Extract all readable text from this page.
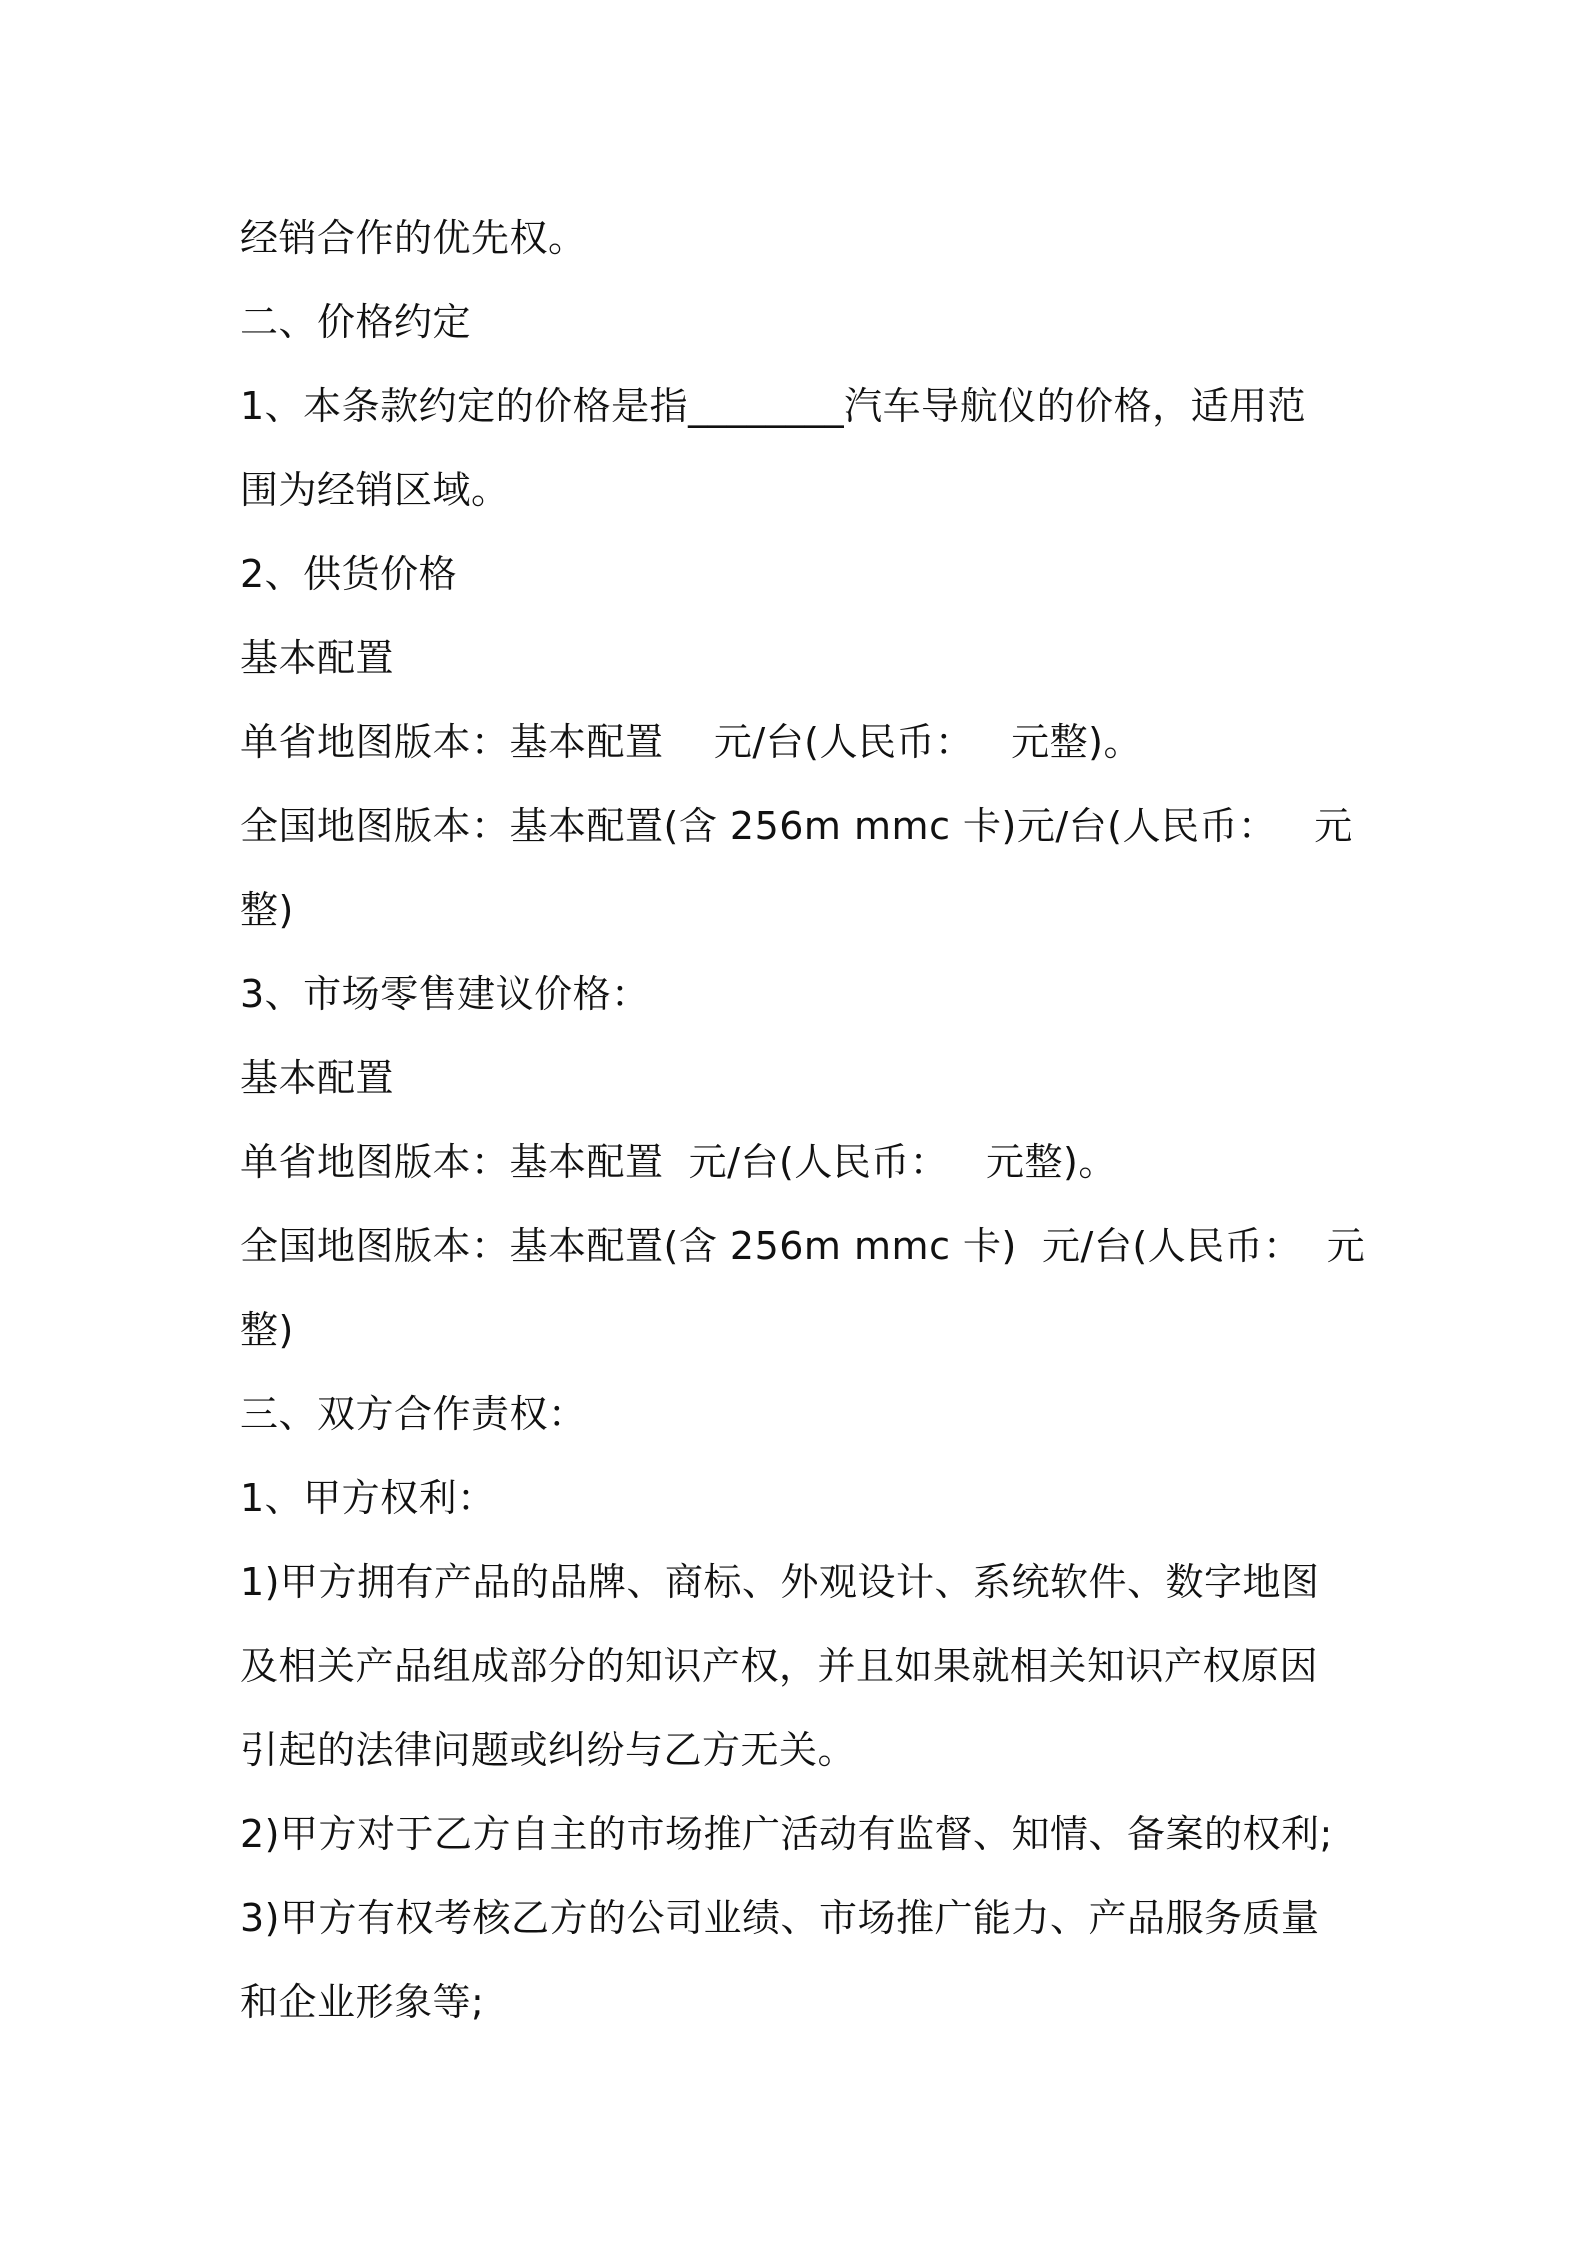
经销合作的优先权。

二、价格约定

1、本条款约定的价格是指________汽车导航仪的价格，适用范

围为经销区域。

2、供货价格

基本配置

单省地图版本：基本配置    元/台(人民币：   元整)。

全国地图版本：基本配置(含 256m mmc 卡)元/台(人民币：   元

整)

3、市场零售建议价格：

基本配置

单省地图版本：基本配置  元/台(人民币：   元整)。

全国地图版本：基本配置(含 256m mmc 卡)  元/台(人民币：  元

整)

三、双方合作责权：

1、甲方权利：

1)甲方拥有产品的品牌、商标、外观设计、系统软件、数字地图

及相关产品组成部分的知识产权，并且如果就相关知识产权原因

引起的法律问题或纠纷与乙方无关。

2)甲方对于乙方自主的市场推广活动有监督、知情、备案的权利;

3)甲方有权考核乙方的公司业绩、市场推广能力、产品服务质量

和企业形象等;
